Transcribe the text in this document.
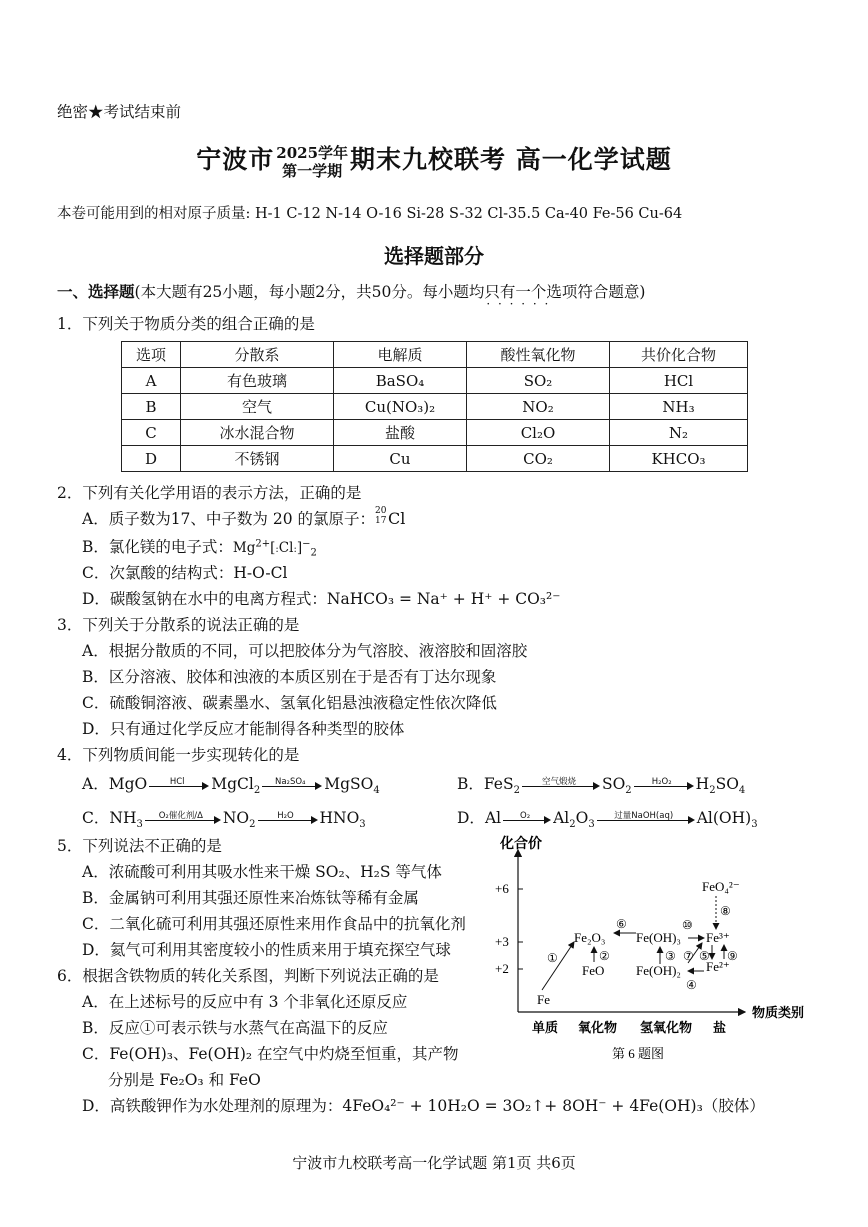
绝密★考试结束前
宁波市 2025学年
第一学期 期末九校联考 高一化学试题
本卷可能用到的相对原子质量: H-1 C-12 N-14 O-16 Si-28 S-32 Cl-35.5 Ca-40 Fe-56 Cu-64
选择题部分
一、选择题(本大题有25小题，每小题2分，共50分。每小题均只有一个 · · ·选项符合题意)
1．下列关于物质分类的组合正确的是
选项	分散系	电解质	酸性氧化物	共价化合物
A	有色玻璃	BaSO₄	SO₂	HCl
B	空气	Cu(NO₃)₂	NO₂	NH₃
C	冰水混合物	盐酸	Cl₂O	N₂
D	不锈钢	Cu	CO₂	KHCO₃
2．下列有关化学用语的表示方法，正确的是
A．质子数为17、中子数为 20 的氯原子： 20
17 Cl
B．氯化镁的电子式：$Mg^{2+}[:Cl:]^-_2$
C．次氯酸的结构式：H-O-Cl
D．碳酸氢钠在水中的电离方程式：NaHCO₃ = Na⁺ + H⁺ + CO₃²⁻
3．下列关于分散系的说法正确的是
A．根据分散质的不同，可以把胶体分为气溶胶、液溶胶和固溶胶
B．区分溶液、胶体和浊液的本质区别在于是否有丁达尔现象
C．硫酸铜溶液、碳素墨水、氢氧化铝悬浊液稳定性依次降低
D．只有通过化学反应才能制得各种类型的胶体
4．下列物质间能一步实现转化的是
A．MgO	HCl	MgCl$_2$
Na₂SO₄	MgSO$_4$	B．FeS$_2$
空气煅烧	$SO_2$
H₂O₂	$H_2SO_4$
C．$NH_3$
O₂催化剂/Δ	$NO_2$
H₂O	$HNO_3$	D．Al	O₂	$Al_2O_3$
过量NaOH(aq)	$Al(OH)_3$
5．下列说法不正确的是
A．浓硫酸可利用其吸水性来干燥 SO₂、H₂S 等气体
B．金属钠可利用其强还原性来冶炼钛等稀有金属
C．二氧化硫可利用其强还原性来用作食品中的抗氧化剂
D．氦气可利用其密度较小的性质来用于填充探空气球
6．根据含铁物质的转化关系图，判断下列说法正确的是
A．在上述标号的反应中有 3 个非氧化还原反应
B．反应①可表示铁与水蒸气在高温下的反应
C．Fe(OH)₃、Fe(OH)₂ 在空气中灼烧至恒重，其产物
分别是 Fe₂O₃ 和 FeO
D．高铁酸钾作为水处理剂的原理为：4FeO₄²⁻ + 10H₂O = 3O₂↑+ 8OH⁻ + 4Fe(OH)₃（胶体）
化合价
物质类别
+6
+3
+2
单质 氧化物 氢氧化物 盐
Fe
Fe₂O₃
FeO
Fe(OH)₃
Fe(OH)₂
Fe³⁺
Fe²⁺
FeO₄²⁻
①	②
⑥
③
⑩
④
⑦ ⑤ ⑨
⑧
第 6 题图
宁波市九校联考高一化学试题 第1页 共6页
